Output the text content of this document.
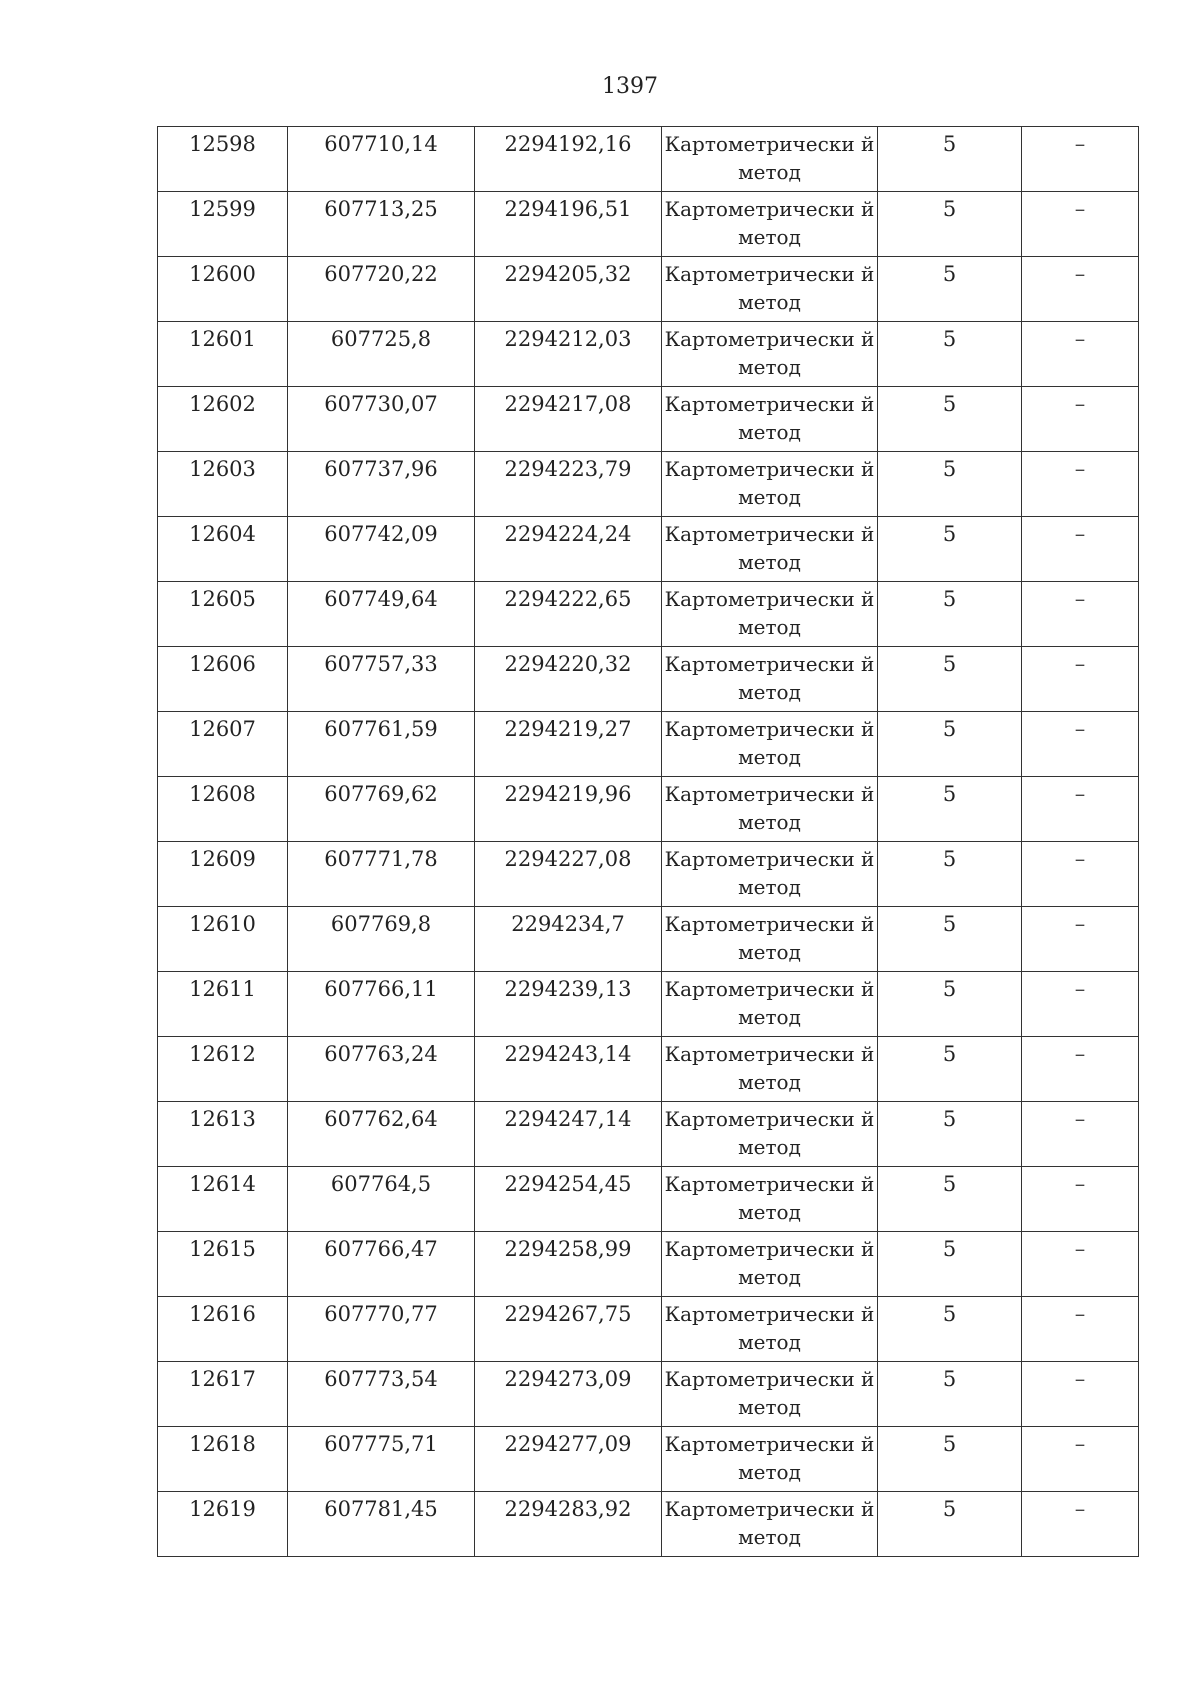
1397
12598	607710,14	2294192,16	Картометрически й метод	5	–
12599	607713,25	2294196,51	Картометрически й метод	5	–
12600	607720,22	2294205,32	Картометрически й метод	5	–
12601	607725,8	2294212,03	Картометрически й метод	5	–
12602	607730,07	2294217,08	Картометрически й метод	5	–
12603	607737,96	2294223,79	Картометрически й метод	5	–
12604	607742,09	2294224,24	Картометрически й метод	5	–
12605	607749,64	2294222,65	Картометрически й метод	5	–
12606	607757,33	2294220,32	Картометрически й метод	5	–
12607	607761,59	2294219,27	Картометрически й метод	5	–
12608	607769,62	2294219,96	Картометрически й метод	5	–
12609	607771,78	2294227,08	Картометрически й метод	5	–
12610	607769,8	2294234,7	Картометрически й метод	5	–
12611	607766,11	2294239,13	Картометрически й метод	5	–
12612	607763,24	2294243,14	Картометрически й метод	5	–
12613	607762,64	2294247,14	Картометрически й метод	5	–
12614	607764,5	2294254,45	Картометрически й метод	5	–
12615	607766,47	2294258,99	Картометрически й метод	5	–
12616	607770,77	2294267,75	Картометрически й метод	5	–
12617	607773,54	2294273,09	Картометрически й метод	5	–
12618	607775,71	2294277,09	Картометрически й метод	5	–
12619	607781,45	2294283,92	Картометрически й метод	5	–
